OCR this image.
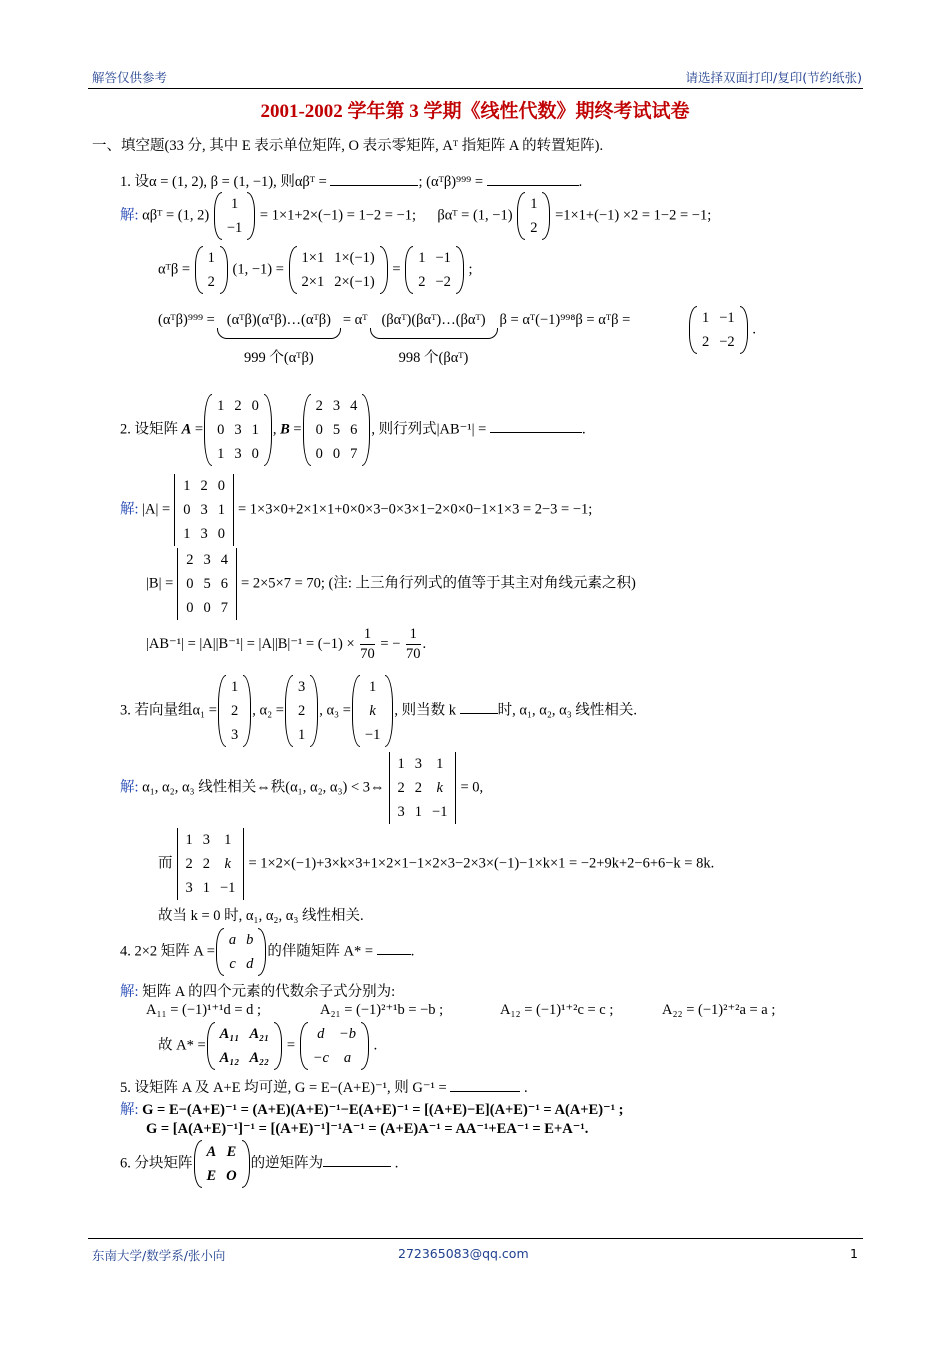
解答仅供参考	请选择双面打印/复印(节约纸张)
2001-2002 学年第 3 学期《线性代数》期终考试试卷
一、填空题(33 分, 其中 E 表示单位矩阵, O 表示零矩阵, Aᵀ 指矩阵 A 的转置矩阵).
1. 设α = (1, 2), β = (1, −1), 则αβᵀ =	; (αᵀβ)⁹⁹⁹ =	.
解: αβᵀ = (1, 2)
1
−1
= 1×1+2×(−1) = 1−2 = −1; βαᵀ = (1, −1)
1
2
=1×1+(−1) ×2 = 1−2 = −1;
αᵀβ =
1
2
(1, −1) =
1×1	1×(−1)
2×1	2×(−1)
=
1	−1
2	−2
;
(αᵀβ)⁹⁹⁹ =(αᵀβ)(αᵀβ)…(αᵀβ)
999 个(αᵀβ)
= αᵀ (βαᵀ)(βαᵀ)…(βαᵀ)
998 个(βαᵀ)
β = αᵀ(−1)⁹⁹⁸β = αᵀβ =	1	−1
2	−2
.
2. 设矩阵 A =
1	2	0
0	3	1
1	3	0
, B =
2	3	4
0	5	6
0	0	7
, 则行列式|AB⁻¹| =	.
解: |A| =
1	2	0
0	3	1
1	3	0
= 1×3×0+2×1×1+0×0×3−0×3×1−2×0×0−1×1×3 = 2−3 = −1;
|B| =
2	3	4
0	5	6
0	0	7
= 2×5×7 = 70; (注: 上三角行列式的值等于其主对角线元素之积)
$|AB^{-1}| = |A||B^{-1}| = |A||B|^{-1} = (-1) \times \frac{1}{70}$ = − $\frac{1}{70}$ .
3. 若向量组α₁ =
1
2
3
, α₂ =
3
2
1
, α₃ =
1
k
−1
, 则当数 k	时, α₁, α₂, α₃ 线性相关.
解: α₁, α₂, α₃ 线性相关⇔秩(α₁, α₂, α₃) < 3⇔
1	3	1
2	2	k
3	1	−1
= 0,
而
1	3	1
2	2	k
3	1	−1
= 1×2×(−1)+3×k×3+1×2×1−1×2×3−2×3×(−1)−1×k×1 = −2+9k+2−6+6−k = 8k.
故当 k = 0 时, α₁, α₂, α₃ 线性相关.
4. 2×2 矩阵 A =
a	b
c	d
的伴随矩阵 A* = .
解: 矩阵 A 的四个元素的代数余子式分别为:
A₁₁ = (−1)¹⁺¹d = d ;	A₂₁ = (−1)²⁺¹b = −b ;	A₁₂ = (−1)¹⁺²c = c ;	A₂₂ = (−1)²⁺²a = a ;
故 A* =
A₁₁	A₂₁
A₁₂	A₂₂
=
d	−b
−c	a
.
5. 设矩阵 A 及 A+E 均可逆, G = E−(A+E)⁻¹, 则 G⁻¹ =	.
解: G = E−(A+E)⁻¹ = (A+E)(A+E)⁻¹−E(A+E)⁻¹ = [(A+E)−E](A+E)⁻¹ = A(A+E)⁻¹ ;
G = [A(A+E)⁻¹]⁻¹ = [(A+E)⁻¹]⁻¹A⁻¹ = (A+E)A⁻¹ = AA⁻¹+EA⁻¹ = E+A⁻¹.
6. 分块矩阵
A	E
E	O
的逆矩阵为	.
东南大学/数学系/张小向	272365083@qq.com	1
